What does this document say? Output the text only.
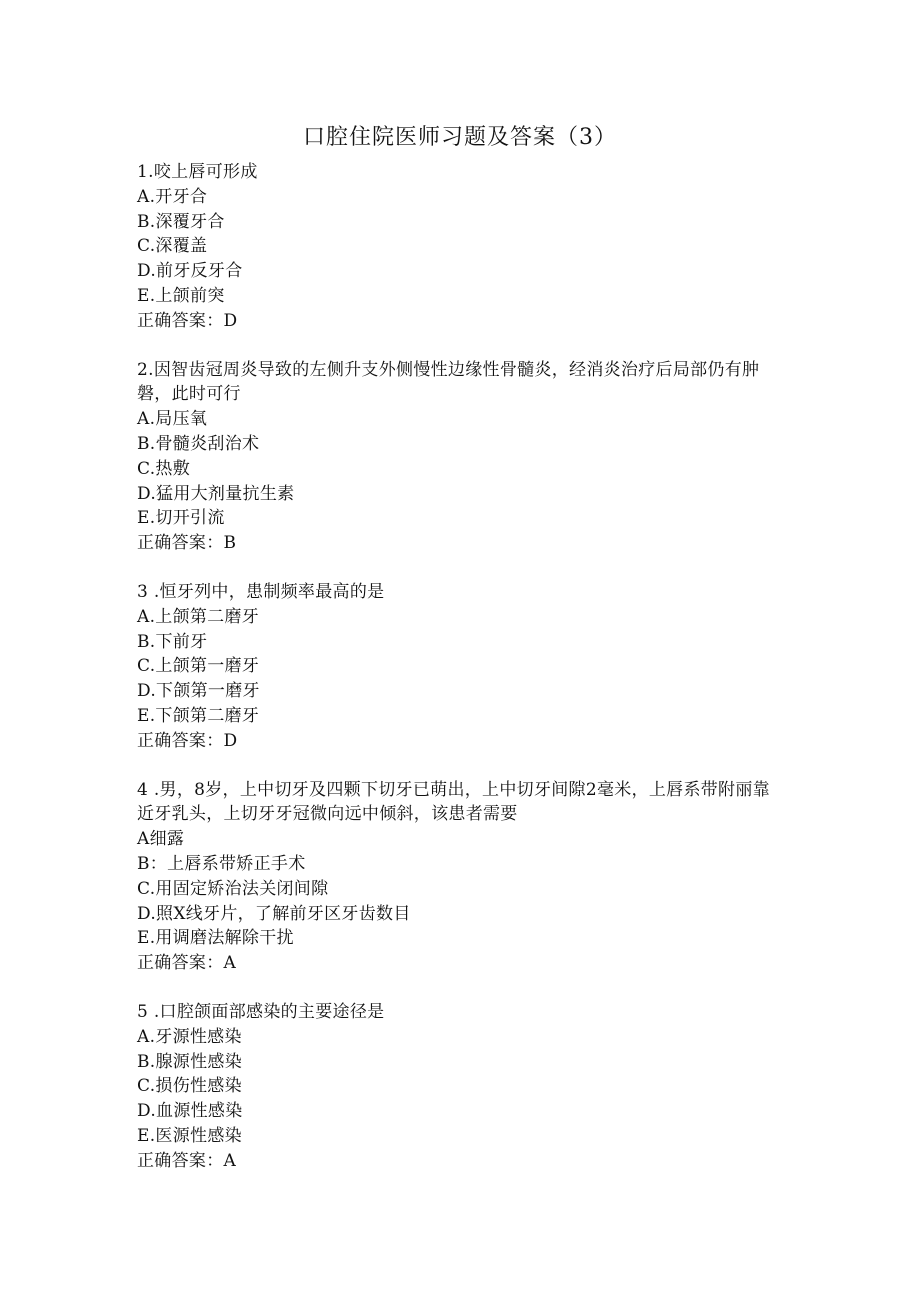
口腔住院医师习题及答案（3）
1.咬上唇可形成
A.开牙合
B.深覆牙合
C.深覆盖
D.前牙反牙合
E.上颌前突
正确答案：D
2.因智齿冠周炎导致的左侧升支外侧慢性边缘性骨髓炎，经消炎治疗后局部仍有肿磐，此时可行
A.局压氧
B.骨髓炎刮治术
C.热敷
D.猛用大剂量抗生素
E.切开引流
正确答案：B
3 .恒牙列中，患制频率最高的是
A.上颌第二磨牙
B.下前牙
C.上颌第一磨牙
D.下颌第一磨牙
E.下颌第二磨牙
正确答案：D
4 .男，8岁，上中切牙及四颗下切牙已萌出，上中切牙间隙2毫米，上唇系带附丽靠近牙乳头，上切牙牙冠微向远中倾斜，该患者需要
A细露
B：上唇系带矫正手术
C.用固定矫治法关闭间隙
D.照X线牙片，了解前牙区牙齿数目
E.用调磨法解除干扰
正确答案：A
5 .口腔颌面部感染的主要途径是
A.牙源性感染
B.腺源性感染
C.损伤性感染
D.血源性感染
E.医源性感染
正确答案：A
